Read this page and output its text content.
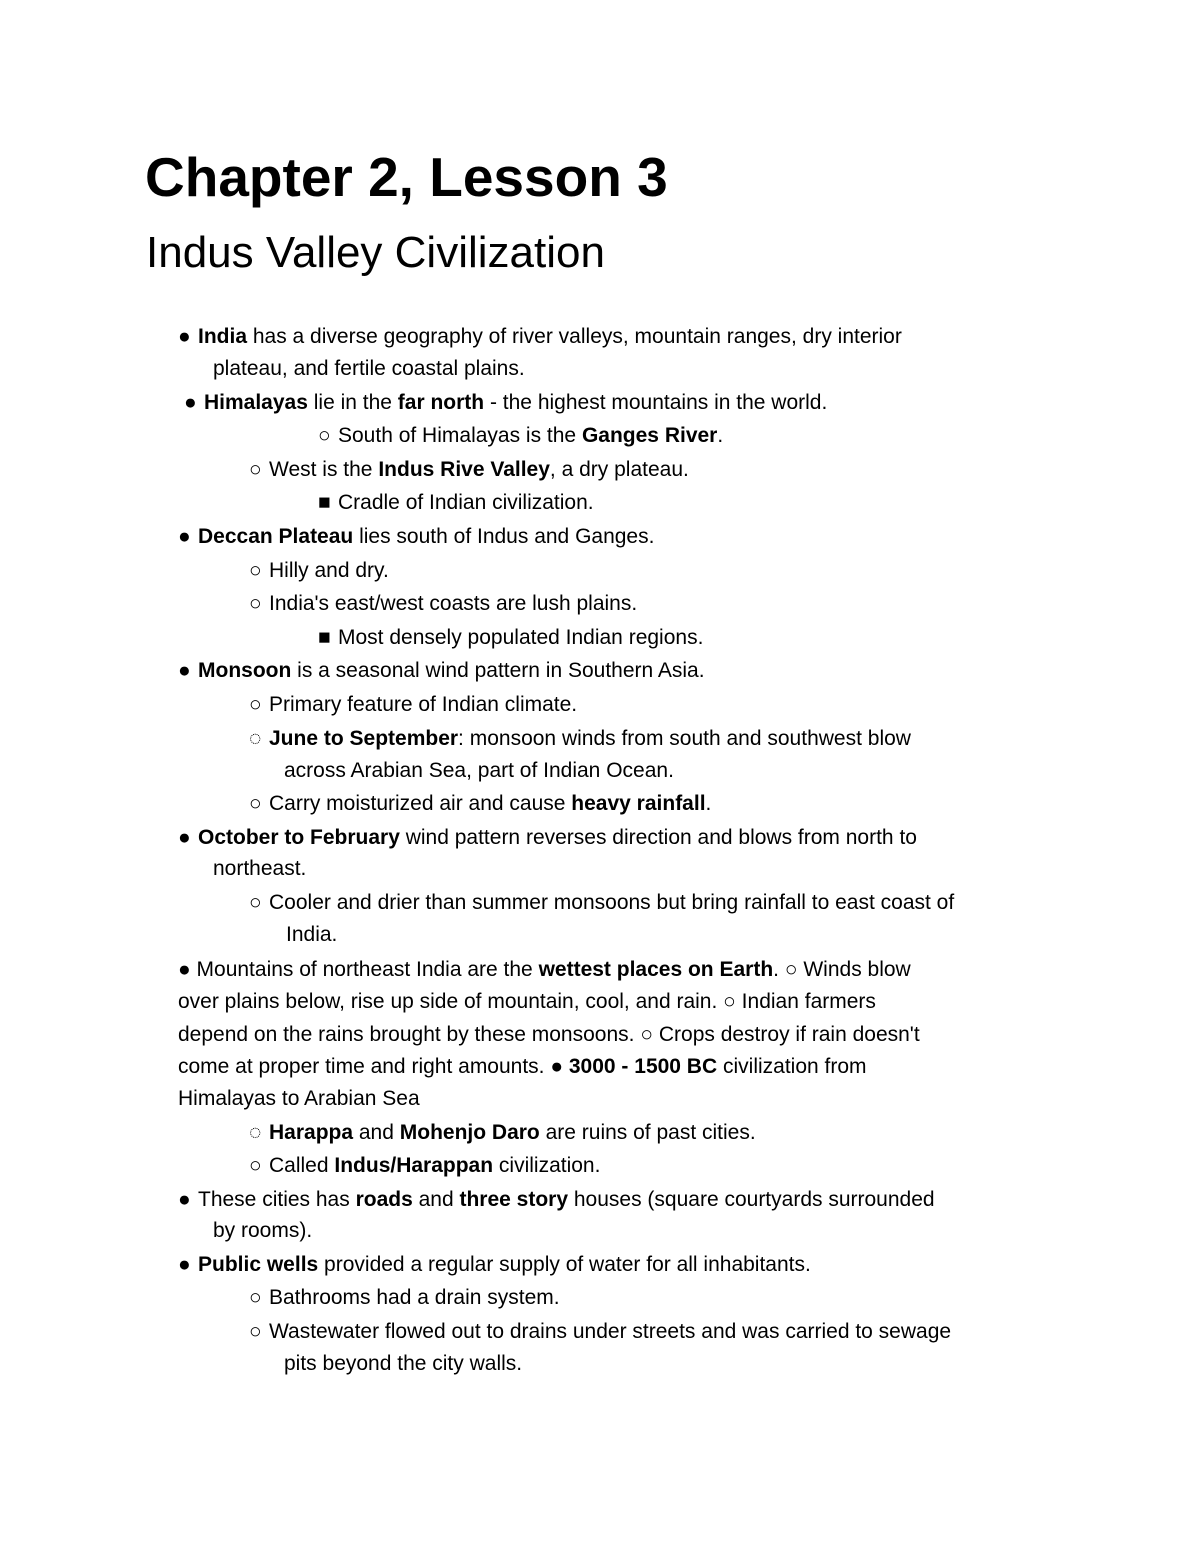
Chapter 2, Lesson 3
Indus Valley Civilization
● India has a diverse geography of river valleys, mountain ranges, dry interior
plateau, and fertile coastal plains.
● Himalayas lie in the far north - the highest mountains in the world.
○ South of Himalayas is the Ganges River.
○ West is the Indus Rive Valley, a dry plateau.
■ Cradle of Indian civilization.
● Deccan Plateau lies south of Indus and Ganges.
○ Hilly and dry.
○ India's east/west coasts are lush plains.
■ Most densely populated Indian regions.
● Monsoon is a seasonal wind pattern in Southern Asia.
○ Primary feature of Indian climate.
◌ June to September: monsoon winds from south and southwest blow
across Arabian Sea, part of Indian Ocean.
○ Carry moisturized air and cause heavy rainfall.
● October to February wind pattern reverses direction and blows from north to
northeast.
○ Cooler and drier than summer monsoons but bring rainfall to east coast of
India.
● Mountains of northeast India are the wettest places on Earth. ○ Winds blow
over plains below, rise up side of mountain, cool, and rain. ○ Indian farmers
depend on the rains brought by these monsoons. ○ Crops destroy if rain doesn't
come at proper time and right amounts. ● 3000 - 1500 BC civilization from
Himalayas to Arabian Sea
◌ Harappa and Mohenjo Daro are ruins of past cities.
○ Called Indus/Harappan civilization.
● These cities has roads and three story houses (square courtyards surrounded
by rooms).
● Public wells provided a regular supply of water for all inhabitants.
○ Bathrooms had a drain system.
○ Wastewater flowed out to drains under streets and was carried to sewage
pits beyond the city walls.
